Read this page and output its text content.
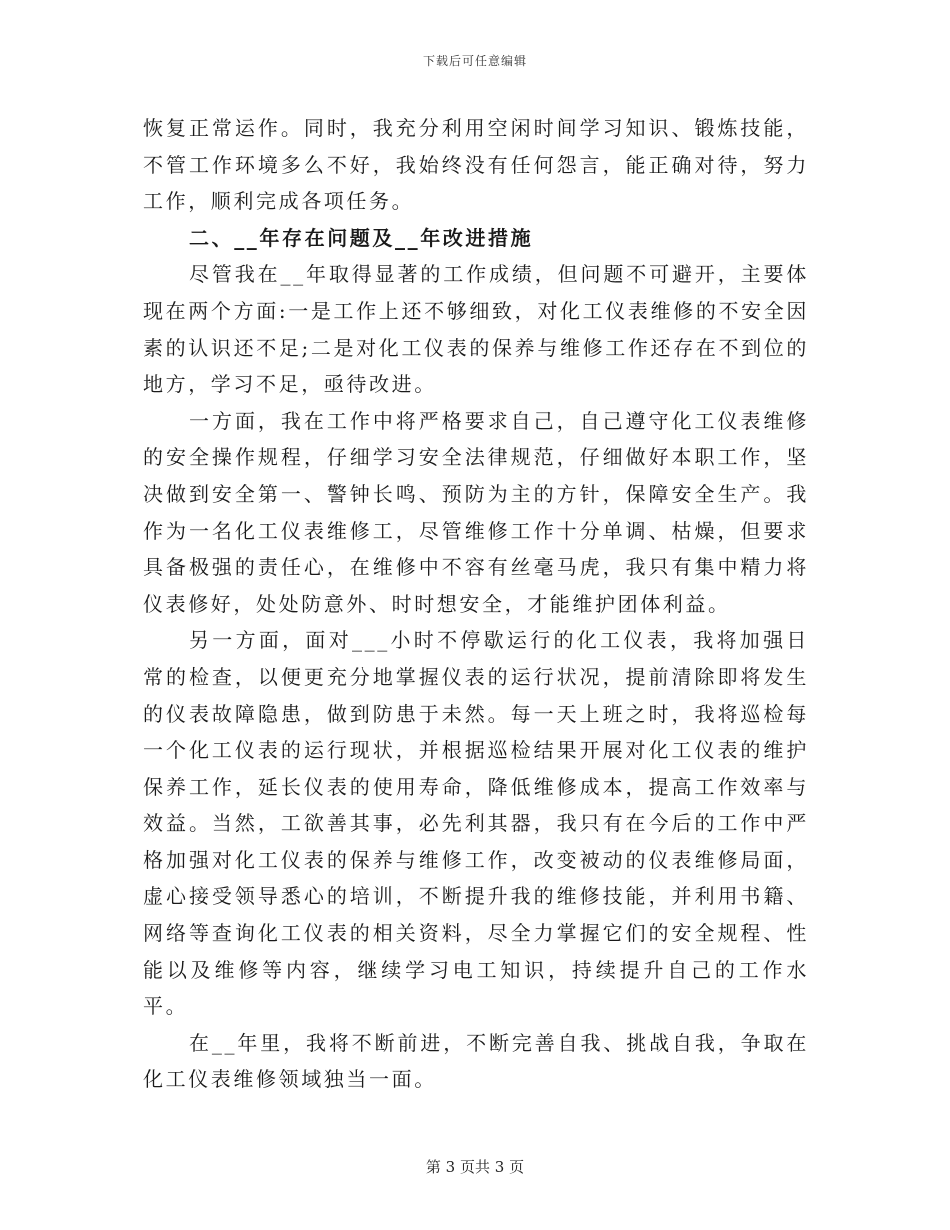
下载后可任意编辑

恢复正常运作。同时，我充分利用空闲时间学习知识、锻炼技能，不管工作环境多么不好，我始终没有任何怨言，能正确对待，努力工作，顺利完成各项任务。

二、__年存在问题及__年改进措施

尽管我在__年取得显著的工作成绩，但问题不可避开，主要体现在两个方面:一是工作上还不够细致，对化工仪表维修的不安全因素的认识还不足;二是对化工仪表的保养与维修工作还存在不到位的地方，学习不足，亟待改进。

一方面，我在工作中将严格要求自己，自己遵守化工仪表维修的安全操作规程，仔细学习安全法律规范，仔细做好本职工作，坚决做到安全第一、警钟长鸣、预防为主的方针，保障安全生产。我作为一名化工仪表维修工，尽管维修工作十分单调、枯燥，但要求具备极强的责任心，在维修中不容有丝毫马虎，我只有集中精力将仪表修好，处处防意外、时时想安全，才能维护团体利益。

另一方面，面对___小时不停歇运行的化工仪表，我将加强日常的检查，以便更充分地掌握仪表的运行状况，提前清除即将发生的仪表故障隐患，做到防患于未然。每一天上班之时，我将巡检每一个化工仪表的运行现状，并根据巡检结果开展对化工仪表的维护保养工作，延长仪表的使用寿命，降低维修成本，提高工作效率与效益。当然，工欲善其事，必先利其器，我只有在今后的工作中严格加强对化工仪表的保养与维修工作，改变被动的仪表维修局面，虚心接受领导悉心的培训，不断提升我的维修技能，并利用书籍、网络等查询化工仪表的相关资料，尽全力掌握它们的安全规程、性能以及维修等内容，继续学习电工知识，持续提升自己的工作水平。

在__年里，我将不断前进，不断完善自我、挑战自我，争取在化工仪表维修领域独当一面。

第 3 页共 3 页
